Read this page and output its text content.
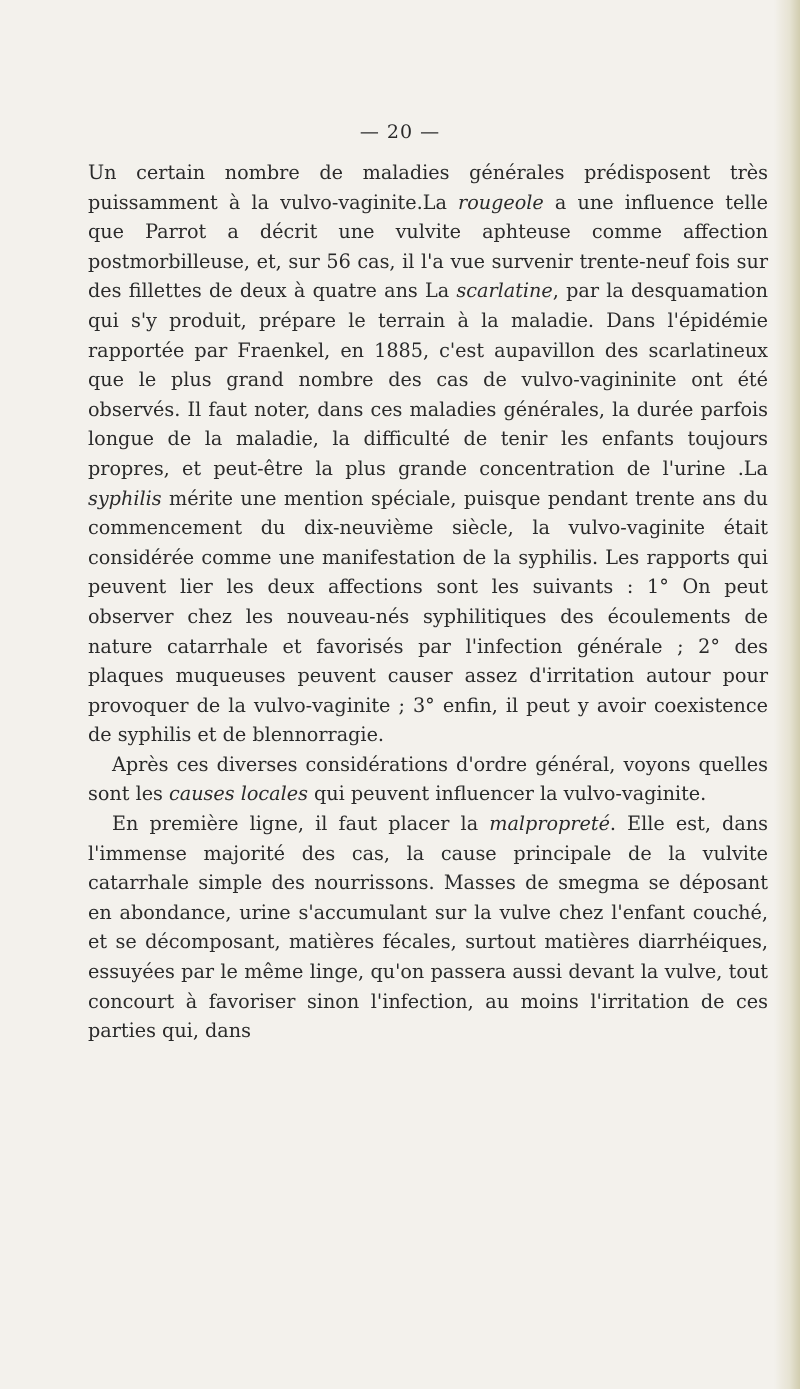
— 20 —

Un certain nombre de maladies générales prédisposent très puissamment à la vulvo-vaginite.La rougeole a une influence telle que Parrot a décrit une vulvite aphteuse comme affection postmorbilleuse, et, sur 56 cas, il l'a vue survenir trente-neuf fois sur des fillettes de deux à quatre ans La scarlatine, par la desquamation qui s'y produit, prépare le terrain à la maladie. Dans l'épidémie rapportée par Fraenkel, en 1885, c'est aupavillon des scarlatineux que le plus grand nombre des cas de vulvo-vagininite ont été observés. Il faut noter, dans ces maladies générales, la durée parfois longue de la maladie, la difficulté de tenir les enfants toujours propres, et peut-être la plus grande concentration de l'urine .La syphilis mérite une mention spéciale, puisque pendant trente ans du commencement du dix-neuvième siècle, la vulvo-vaginite était considérée comme une manifestation de la syphilis. Les rapports qui peuvent lier les deux affections sont les suivants : 1° On peut observer chez les nouveau-nés syphilitiques des écoulements de nature catarrhale et favorisés par l'infection générale ; 2° des plaques muqueuses peuvent causer assez d'irritation autour pour provoquer de la vulvo-vaginite ; 3° enfin, il peut y avoir coexistence de syphilis et de blennorragie.

Après ces diverses considérations d'ordre général, voyons quelles sont les causes locales qui peuvent influencer la vulvo-vaginite.

En première ligne, il faut placer la malpropreté. Elle est, dans l'immense majorité des cas, la cause principale de la vulvite catarrhale simple des nourrissons. Masses de smegma se déposant en abondance, urine s'accumulant sur la vulve chez l'enfant couché, et se décomposant, matières fécales, surtout matières diarrhéiques, essuyées par le même linge, qu'on passera aussi devant la vulve, tout concourt à favoriser sinon l'infection, au moins l'irritation de ces parties qui, dans
